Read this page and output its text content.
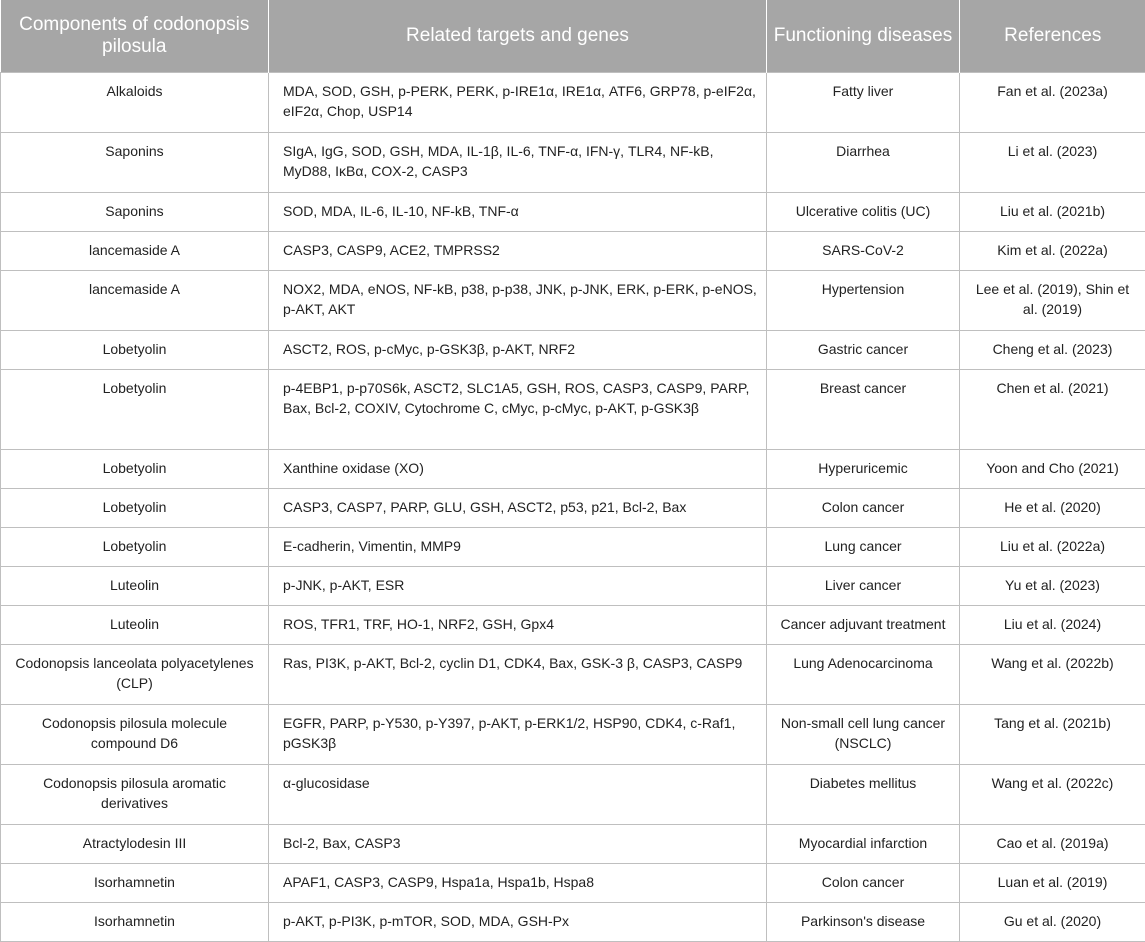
Components of codonopsis pilosula	Related targets and genes	Functioning diseases	References
Alkaloids	MDA, SOD, GSH, p-PERK, PERK, p-IRE1α, IRE1α, ATF6, GRP78, p-eIF2α, eIF2α, Chop, USP14	Fatty liver	Fan et al. (2023a)
Saponins	SIgA, IgG, SOD, GSH, MDA, IL-1β, IL-6, TNF-α, IFN-γ, TLR4, NF-kB, MyD88, IκBα, COX-2, CASP3	Diarrhea	Li et al. (2023)
Saponins	SOD, MDA, IL-6, IL-10, NF-kB, TNF-α	Ulcerative colitis (UC)	Liu et al. (2021b)
lancemaside A	CASP3, CASP9, ACE2, TMPRSS2	SARS-CoV-2	Kim et al. (2022a)
lancemaside A	NOX2, MDA, eNOS, NF-kB, p38, p-p38, JNK, p-JNK, ERK, p-ERK, p-eNOS, p-AKT, AKT	Hypertension	Lee et al. (2019), Shin et al. (2019)
Lobetyolin	ASCT2, ROS, p-cMyc, p-GSK3β, p-AKT, NRF2	Gastric cancer	Cheng et al. (2023)
Lobetyolin	p-4EBP1, p-p70S6k, ASCT2, SLC1A5, GSH, ROS, CASP3, CASP9, PARP, Bax, Bcl-2, COXIV, Cytochrome C, cMyc, p-cMyc, p-AKT, p-GSK3β	Breast cancer	Chen et al. (2021)
Lobetyolin	Xanthine oxidase (XO)	Hyperuricemic	Yoon and Cho (2021)
Lobetyolin	CASP3, CASP7, PARP, GLU, GSH, ASCT2, p53, p21, Bcl-2, Bax	Colon cancer	He et al. (2020)
Lobetyolin	E-cadherin, Vimentin, MMP9	Lung cancer	Liu et al. (2022a)
Luteolin	p-JNK, p-AKT, ESR	Liver cancer	Yu et al. (2023)
Luteolin	ROS, TFR1, TRF, HO-1, NRF2, GSH, Gpx4	Cancer adjuvant treatment	Liu et al. (2024)
Codonopsis lanceolata polyacetylenes (CLP)	Ras, PI3K, p-AKT, Bcl-2, cyclin D1, CDK4, Bax, GSK-3 β, CASP3, CASP9	Lung Adenocarcinoma	Wang et al. (2022b)
Codonopsis pilosula molecule compound D6	EGFR, PARP, p-Y530, p-Y397, p-AKT, p-ERK1/2, HSP90, CDK4, c-Raf1, pGSK3β	Non-small cell lung cancer (NSCLC)	Tang et al. (2021b)
Codonopsis pilosula aromatic derivatives	α-glucosidase	Diabetes mellitus	Wang et al. (2022c)
Atractylodesin III	Bcl-2, Bax, CASP3	Myocardial infarction	Cao et al. (2019a)
Isorhamnetin	APAF1, CASP3, CASP9, Hspa1a, Hspa1b, Hspa8	Colon cancer	Luan et al. (2019)
Isorhamnetin	p-AKT, p-PI3K, p-mTOR, SOD, MDA, GSH-Px	Parkinson's disease	Gu et al. (2020)
